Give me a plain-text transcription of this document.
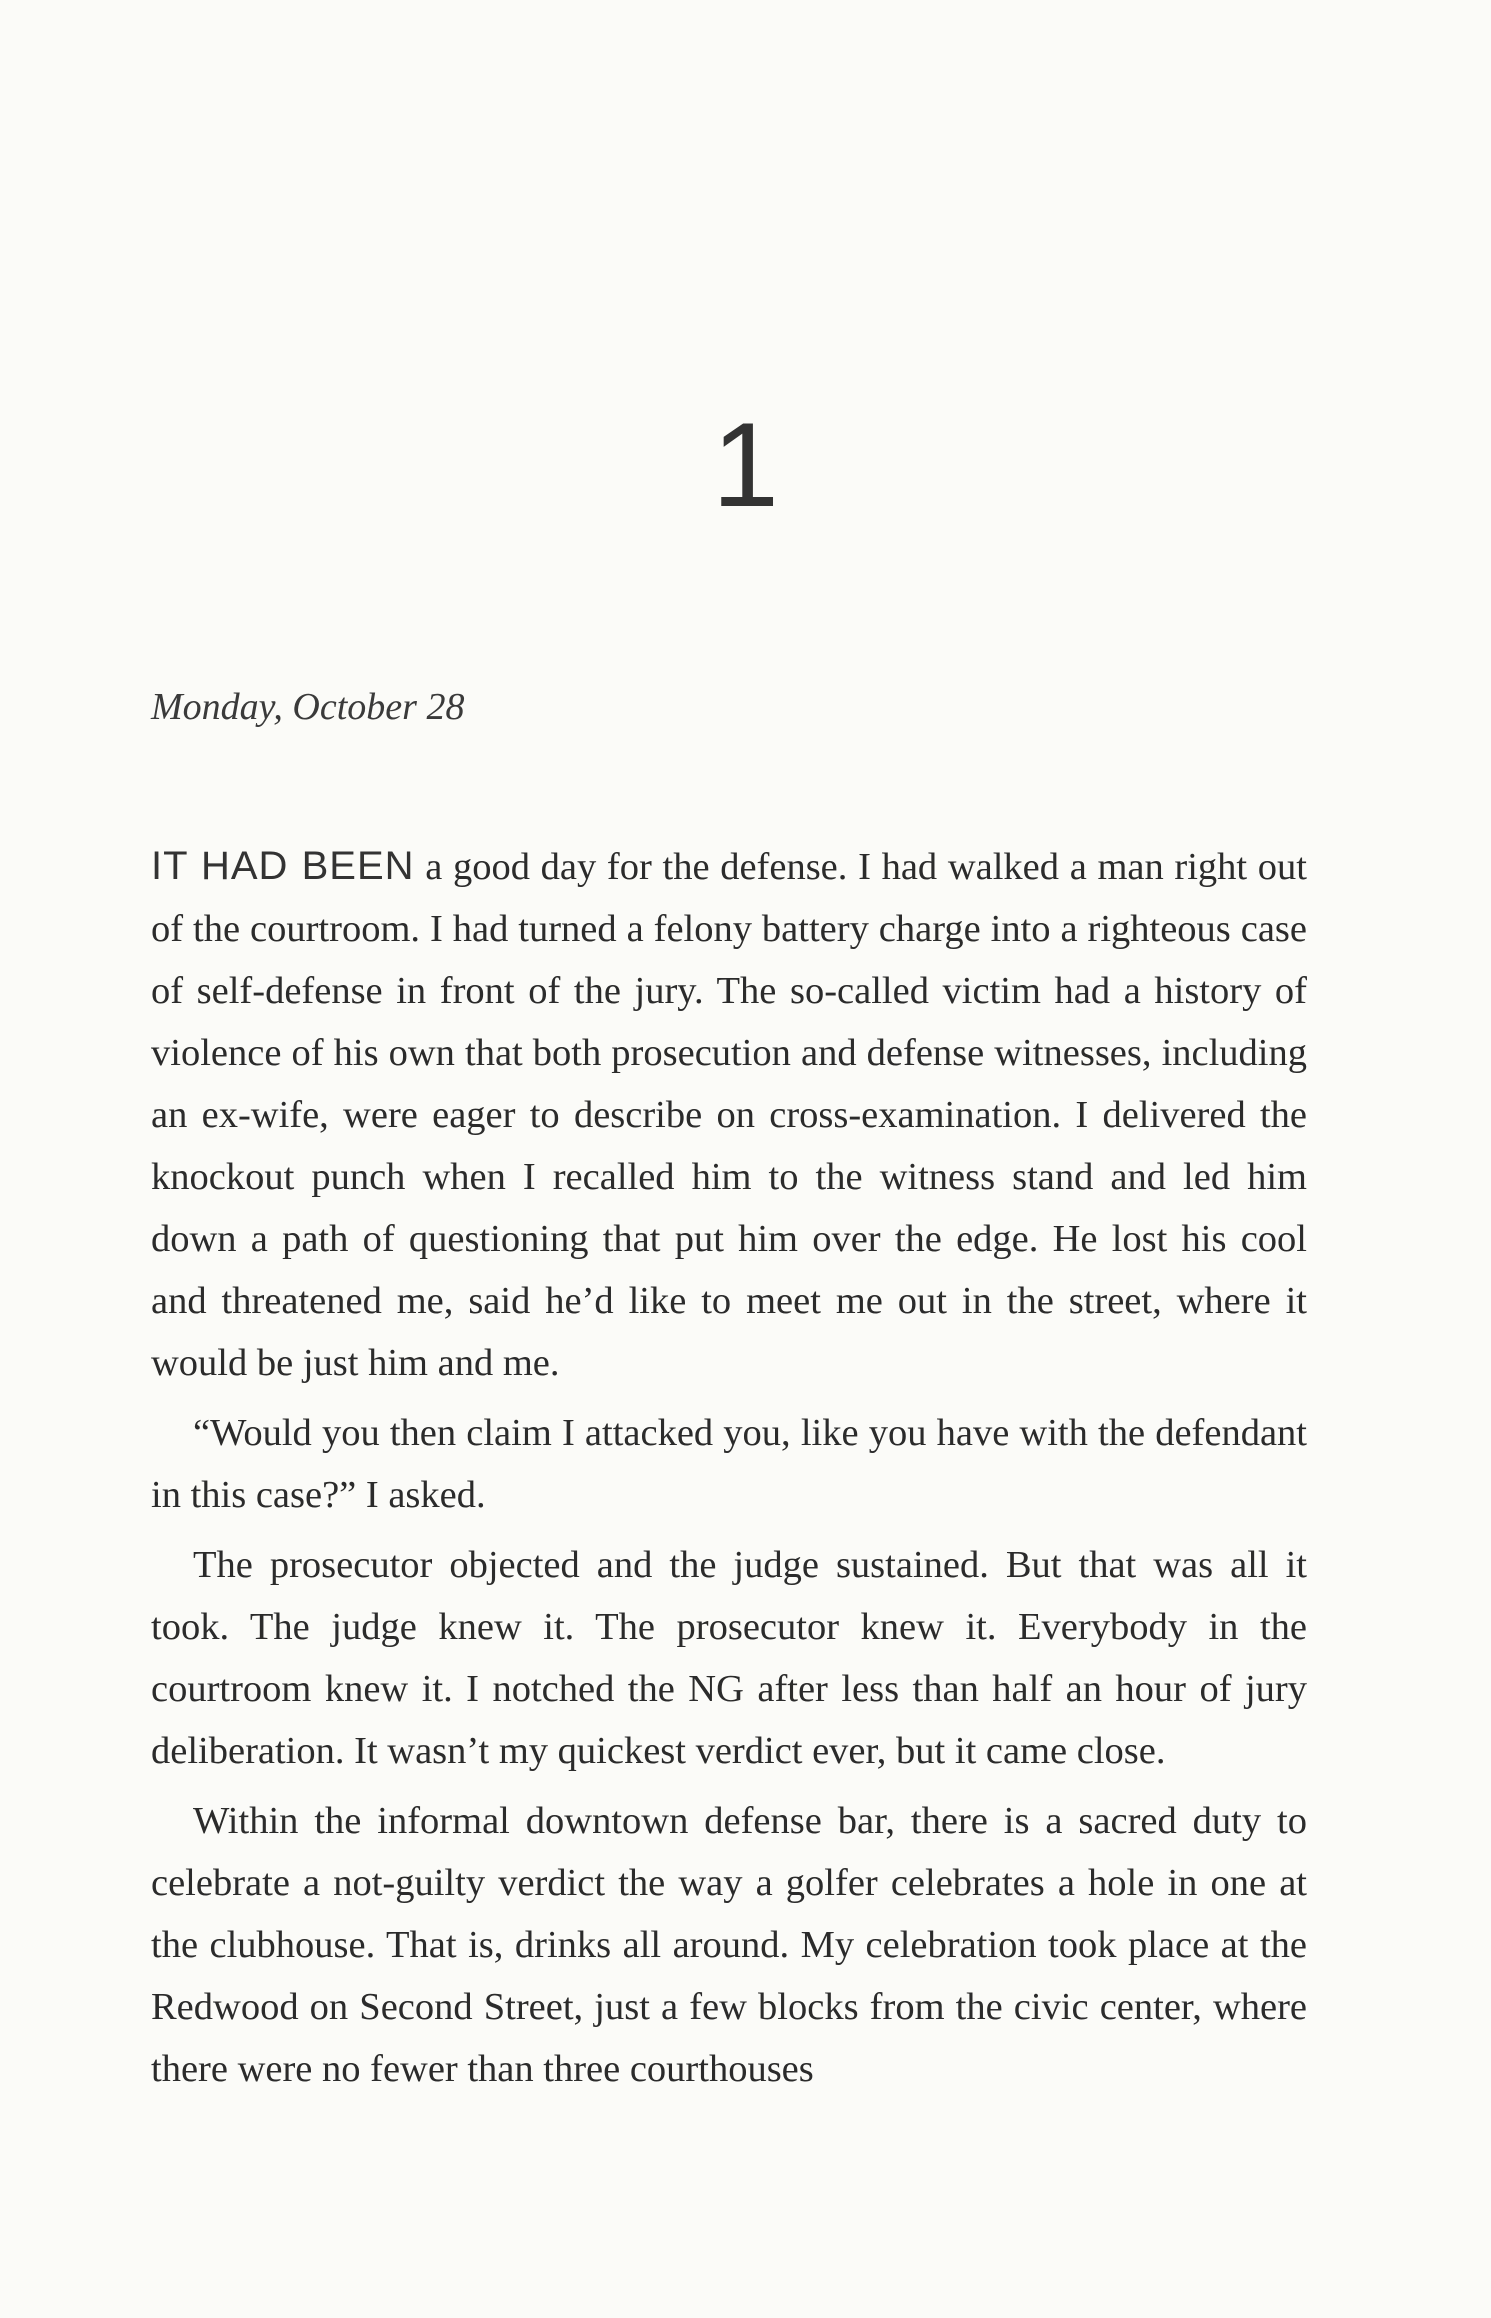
1
Monday, October 28

IT HAD BEEN a good day for the defense. I had walked a man right out of the courtroom. I had turned a felony battery charge into a righteous case of self-defense in front of the jury. The so-called victim had a history of violence of his own that both prosecution and defense witnesses, including an ex-wife, were eager to describe on cross-examination. I delivered the knockout punch when I recalled him to the witness stand and led him down a path of questioning that put him over the edge. He lost his cool and threatened me, said he’d like to meet me out in the street, where it would be just him and me.

“Would you then claim I attacked you, like you have with the defendant in this case?” I asked.

The prosecutor objected and the judge sustained. But that was all it took. The judge knew it. The prosecutor knew it. Everybody in the courtroom knew it. I notched the NG after less than half an hour of jury deliberation. It wasn’t my quickest verdict ever, but it came close.

Within the informal downtown defense bar, there is a sacred duty to celebrate a not-guilty verdict the way a golfer celebrates a hole in one at the clubhouse. That is, drinks all around. My celebration took place at the Redwood on Second Street, just a few blocks from the civic center, where there were no fewer than three courthouses
